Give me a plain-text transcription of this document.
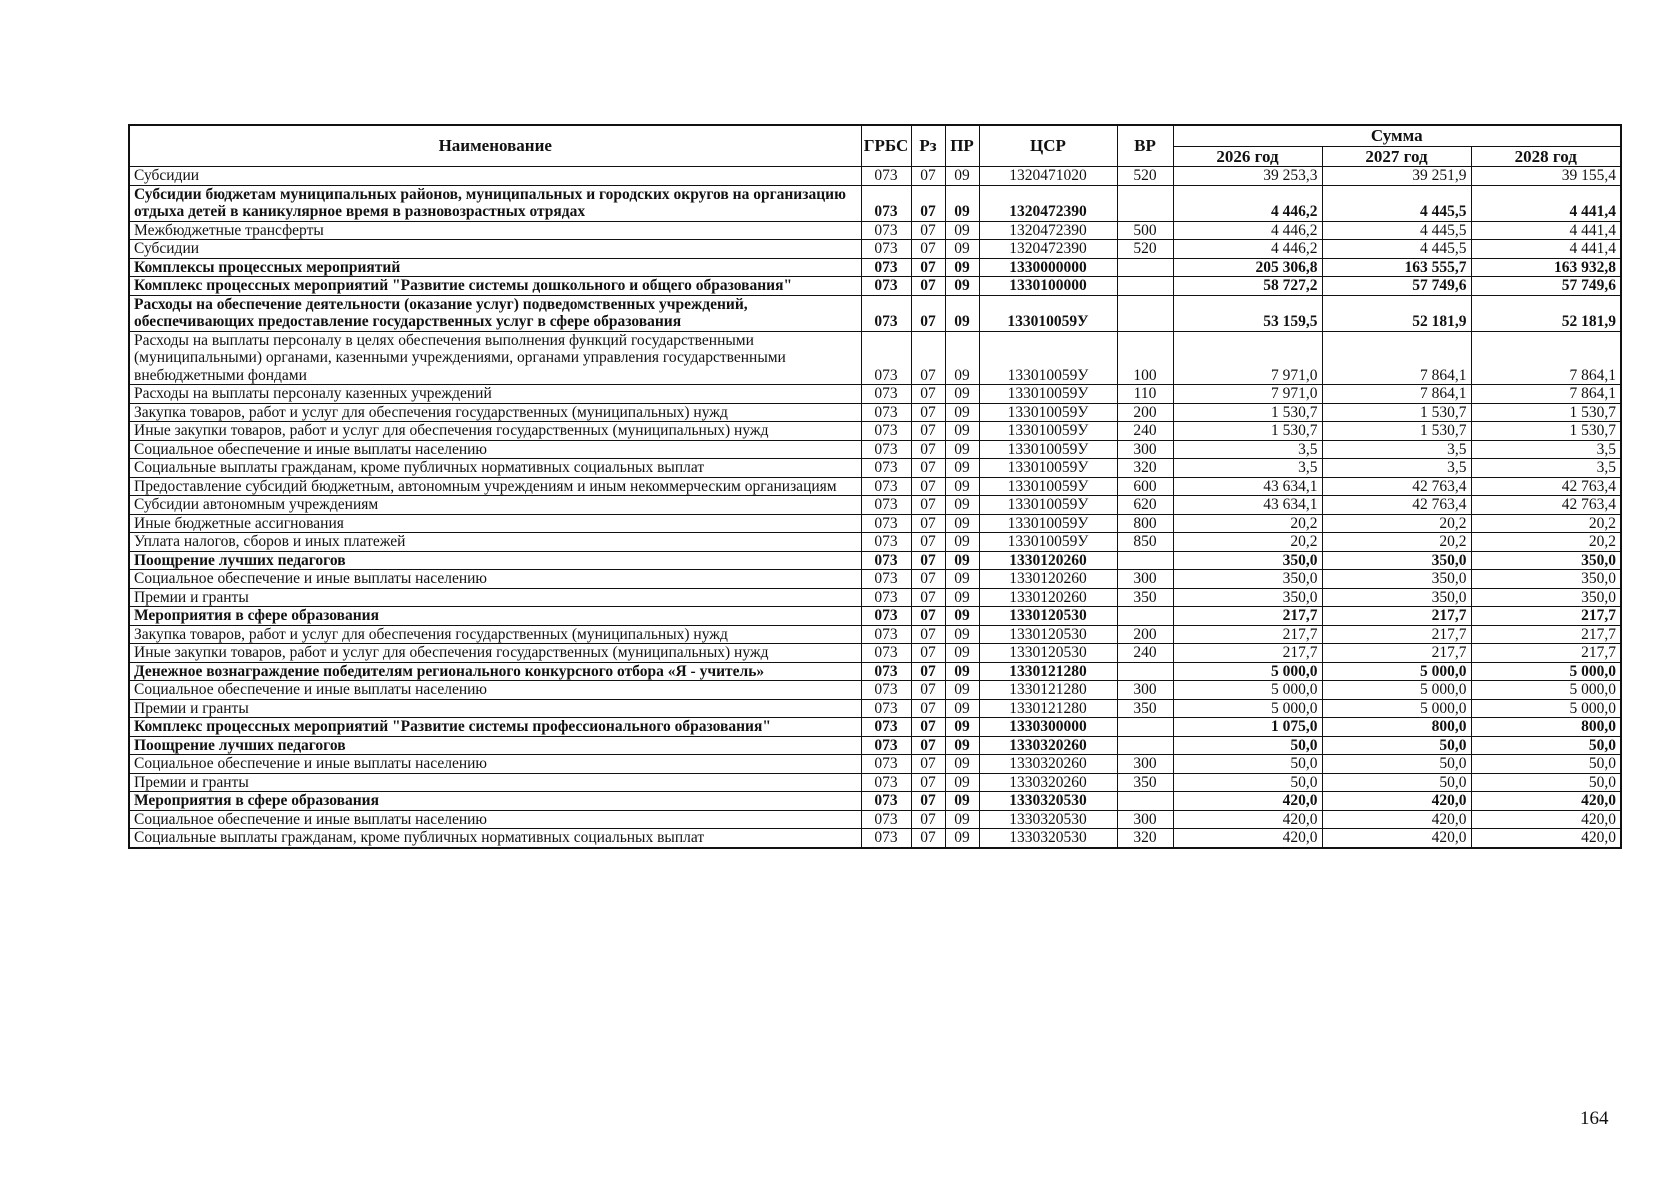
Наименование	ГРБС	Рз	ПР	ЦСР	ВР	Сумма		
						2026 год	2027 год	2028 год
Субсидии	073	07	09	1320471020	520	39 253,3	39 251,9	39 155,4
Субсидии бюджетам муниципальных районов, муниципальных и городских округов на организацию отдыха детей в каникулярное время в разновозрастных отрядах	073	07	09	1320472390		4 446,2	4 445,5	4 441,4
Межбюджетные трансферты	073	07	09	1320472390	500	4 446,2	4 445,5	4 441,4
Субсидии	073	07	09	1320472390	520	4 446,2	4 445,5	4 441,4
Комплексы процессных мероприятий	073	07	09	1330000000		205 306,8	163 555,7	163 932,8
Комплекс процессных мероприятий "Развитие системы дошкольного и общего образования"	073	07	09	1330100000		58 727,2	57 749,6	57 749,6
Расходы на обеспечение деятельности (оказание услуг) подведомственных учреждений, обеспечивающих предоставление государственных услуг в сфере образования	073	07	09	133010059У		53 159,5	52 181,9	52 181,9
Расходы на выплаты персоналу в целях обеспечения выполнения функций государственными (муниципальными) органами, казенными учреждениями, органами управления государственными внебюджетными фондами	073	07	09	133010059У	100	7 971,0	7 864,1	7 864,1
Расходы на выплаты персоналу казенных учреждений	073	07	09	133010059У	110	7 971,0	7 864,1	7 864,1
Закупка товаров, работ и услуг для обеспечения государственных (муниципальных) нужд	073	07	09	133010059У	200	1 530,7	1 530,7	1 530,7
Иные закупки товаров, работ и услуг для обеспечения государственных (муниципальных) нужд	073	07	09	133010059У	240	1 530,7	1 530,7	1 530,7
Социальное обеспечение и иные выплаты населению	073	07	09	133010059У	300	3,5	3,5	3,5
Социальные выплаты гражданам, кроме публичных нормативных социальных выплат	073	07	09	133010059У	320	3,5	3,5	3,5
Предоставление субсидий бюджетным, автономным учреждениям и иным некоммерческим организациям	073	07	09	133010059У	600	43 634,1	42 763,4	42 763,4
Субсидии автономным учреждениям	073	07	09	133010059У	620	43 634,1	42 763,4	42 763,4
Иные бюджетные ассигнования	073	07	09	133010059У	800	20,2	20,2	20,2
Уплата налогов, сборов и иных платежей	073	07	09	133010059У	850	20,2	20,2	20,2
Поощрение лучших педагогов	073	07	09	1330120260		350,0	350,0	350,0
Социальное обеспечение и иные выплаты населению	073	07	09	1330120260	300	350,0	350,0	350,0
Премии и гранты	073	07	09	1330120260	350	350,0	350,0	350,0
Мероприятия в сфере образования	073	07	09	1330120530		217,7	217,7	217,7
Закупка товаров, работ и услуг для обеспечения государственных (муниципальных) нужд	073	07	09	1330120530	200	217,7	217,7	217,7
Иные закупки товаров, работ и услуг для обеспечения государственных (муниципальных) нужд	073	07	09	1330120530	240	217,7	217,7	217,7
Денежное вознаграждение победителям регионального конкурсного отбора «Я - учитель»	073	07	09	1330121280		5 000,0	5 000,0	5 000,0
Социальное обеспечение и иные выплаты населению	073	07	09	1330121280	300	5 000,0	5 000,0	5 000,0
Премии и гранты	073	07	09	1330121280	350	5 000,0	5 000,0	5 000,0
Комплекс процессных мероприятий "Развитие системы профессионального образования"	073	07	09	1330300000		1 075,0	800,0	800,0
Поощрение лучших педагогов	073	07	09	1330320260		50,0	50,0	50,0
Социальное обеспечение и иные выплаты населению	073	07	09	1330320260	300	50,0	50,0	50,0
Премии и гранты	073	07	09	1330320260	350	50,0	50,0	50,0
Мероприятия в сфере образования	073	07	09	1330320530		420,0	420,0	420,0
Социальное обеспечение и иные выплаты населению	073	07	09	1330320530	300	420,0	420,0	420,0
Социальные выплаты гражданам, кроме публичных нормативных социальных выплат	073	07	09	1330320530	320	420,0	420,0	420,0
164
